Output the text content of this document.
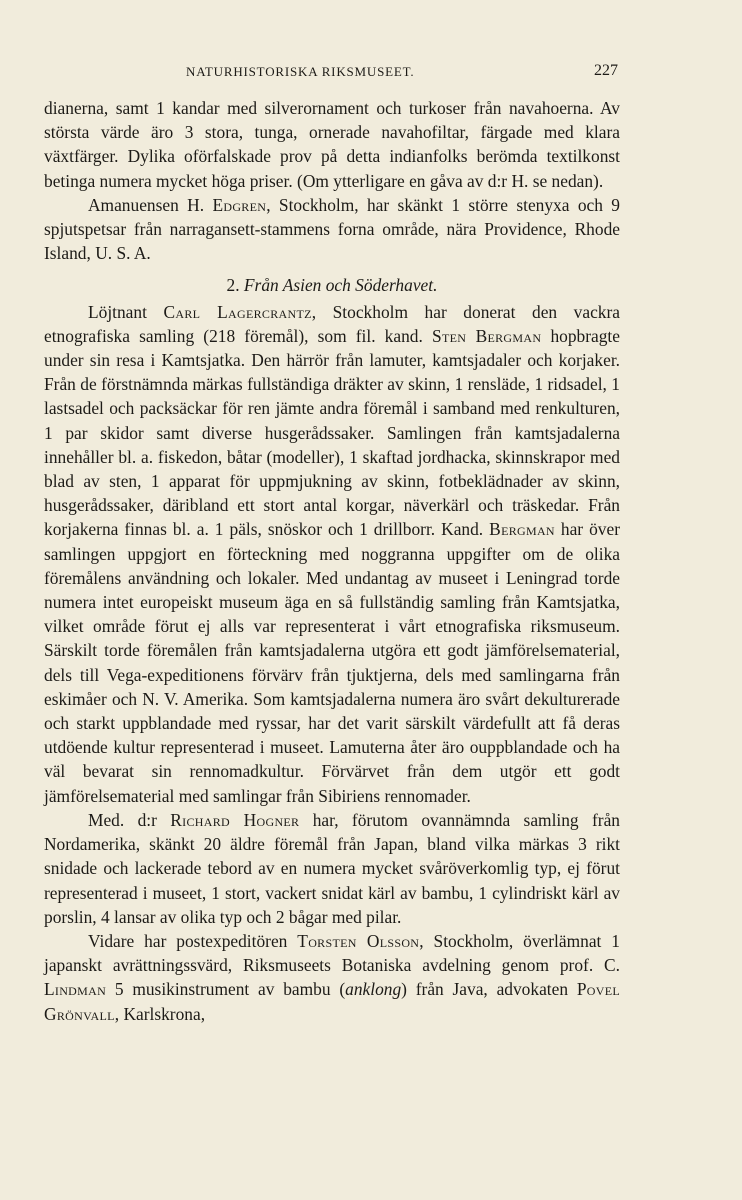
NATURHISTORISKA RIKSMUSEET.	227

dianerna, samt 1 kandar med silverornament och turkoser från navahoerna. Av största värde äro 3 stora, tunga, ornerade navahofiltar, färgade med klara växtfärger. Dylika oförfalskade prov på detta indianfolks berömda textilkonst betinga numera mycket höga priser. (Om ytterligare en gåva av d:r H. se nedan).

Amanuensen H. Edgren, Stockholm, har skänkt 1 större stenyxa och 9 spjutspetsar från narragansett-stammens forna område, nära Providence, Rhode Island, U. S. A.

2. Från Asien och Söderhavet.

Löjtnant Carl Lagercrantz, Stockholm har donerat den vackra etnografiska samling (218 föremål), som fil. kand. Sten Bergman hopbragte under sin resa i Kamtsjatka. Den härrör från lamuter, kamtsjadaler och korjaker. Från de förstnämnda märkas fullständiga dräkter av skinn, 1 rensläde, 1 ridsadel, 1 lastsadel och packsäckar för ren jämte andra föremål i samband med renkulturen, 1 par skidor samt diverse husgerådssaker. Samlingen från kamtsjadalerna innehåller bl. a. fiskedon, båtar (modeller), 1 skaftad jordhacka, skinnskrapor med blad av sten, 1 apparat för uppmjukning av skinn, fotbeklädnader av skinn, husgerådssaker, däribland ett stort antal korgar, näverkärl och träskedar. Från korjakerna finnas bl. a. 1 päls, snöskor och 1 drillborr. Kand. Bergman har över samlingen uppgjort en förteckning med noggranna uppgifter om de olika föremålens användning och lokaler. Med undantag av museet i Leningrad torde numera intet europeiskt museum äga en så fullständig samling från Kamtsjatka, vilket område förut ej alls var representerat i vårt etnografiska riksmuseum. Särskilt torde föremålen från kamtsjadalerna utgöra ett godt jämförelsematerial, dels till Vega-expeditionens förvärv från tjuktjerna, dels med samlingarna från eskimåer och N. V. Amerika. Som kamtsjadalerna numera äro svårt dekulturerade och starkt uppblandade med ryssar, har det varit särskilt värdefullt att få deras utdöende kultur representerad i museet. Lamuterna åter äro ouppblandade och ha väl bevarat sin rennomadkultur. Förvärvet från dem utgör ett godt jämförelsematerial med samlingar från Sibiriens rennomader.

Med. d:r Richard Hogner har, förutom ovannämnda samling från Nordamerika, skänkt 20 äldre föremål från Japan, bland vilka märkas 3 rikt snidade och lackerade tebord av en numera mycket svåröverkomlig typ, ej förut representerad i museet, 1 stort, vackert snidat kärl av bambu, 1 cylindriskt kärl av porslin, 4 lansar av olika typ och 2 bågar med pilar.

Vidare har postexpeditören Torsten Olsson, Stockholm, överlämnat 1 japanskt avrättningssvärd, Riksmuseets Botaniska avdelning genom prof. C. Lindman 5 musikinstrument av bambu (anklong) från Java, advokaten Povel Grönvall, Karlskrona,
